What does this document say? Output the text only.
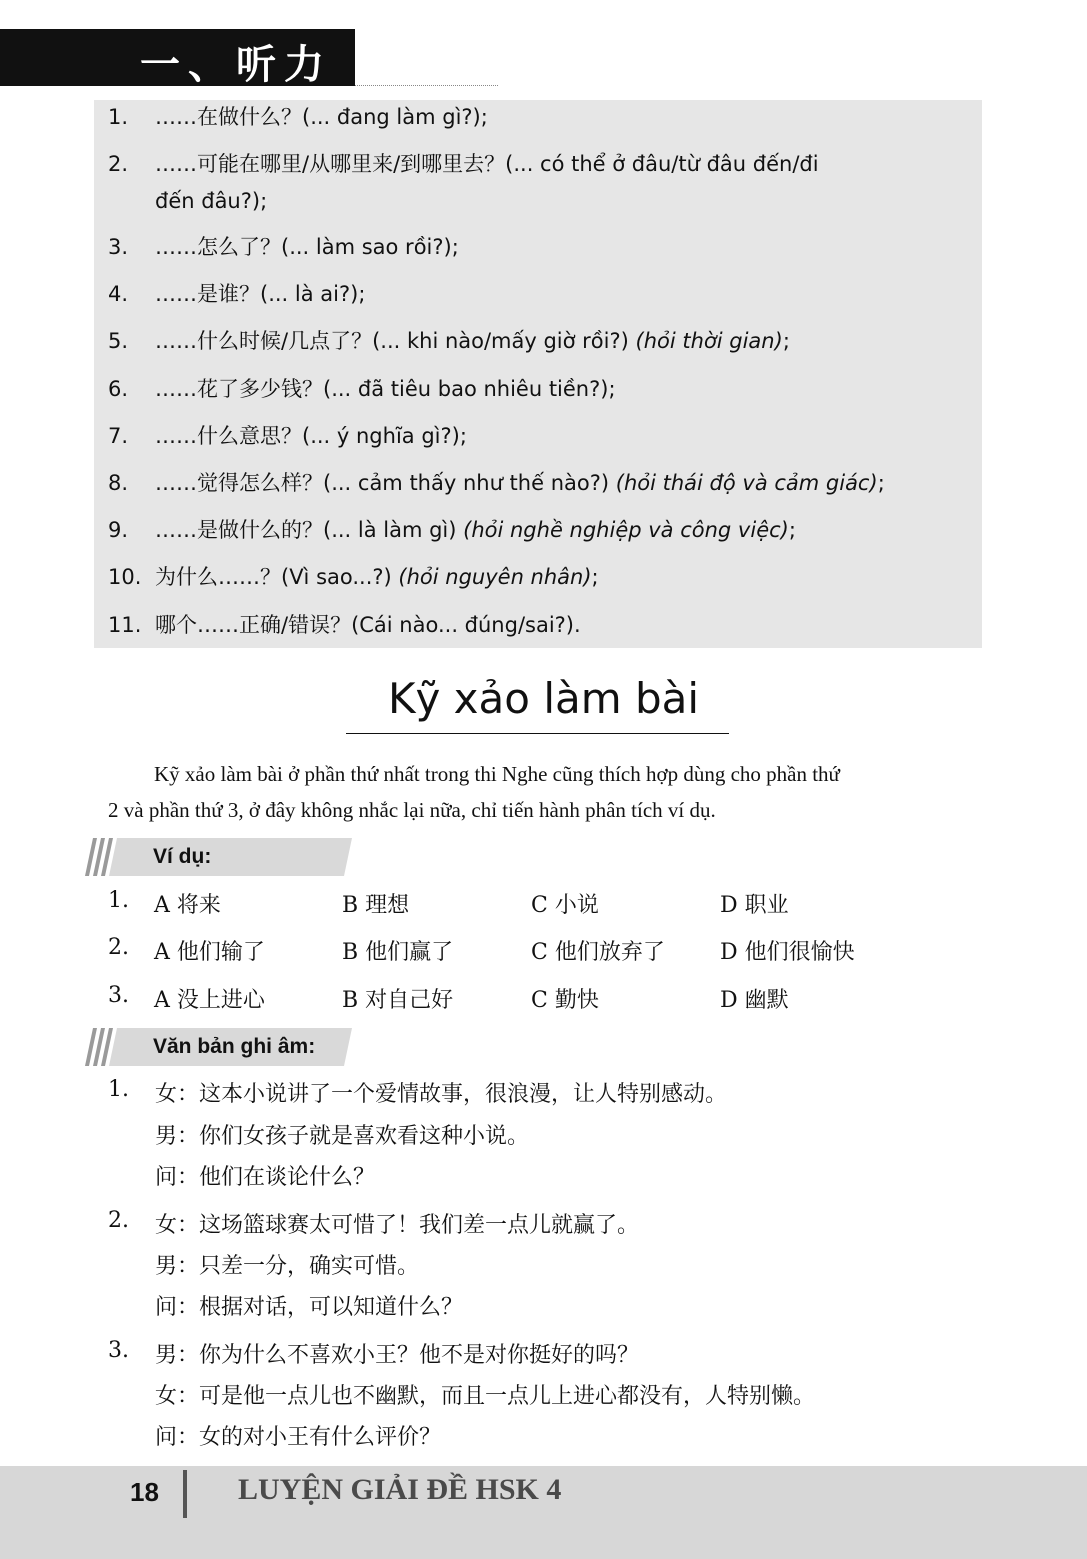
一、听力
1.	……在做什么？(... đang làm gì?);
2.	……可能在哪里/从哪里来/到哪里去？(... có thể ở đâu/từ đâu đến/đi
đến đâu?);
3.	……怎么了？(... làm sao rồi?);
4.	……是谁？(... là ai?);
5.	……什么时候/几点了？(... khi nào/mấy giờ rồi?) (hỏi thời gian);
6.	……花了多少钱？(... đã tiêu bao nhiêu tiền?);
7.	……什么意思？(... ý nghĩa gì?);
8.	……觉得怎么样？(... cảm thấy như thế nào?) (hỏi thái độ và cảm giác);
9.	……是做什么的？(... là làm gì) (hỏi nghề nghiệp và công việc);
10. 为什么……？(Vì sao...?) (hỏi nguyên nhân);
11. 哪个……正确/错误？(Cái nào... đúng/sai?).
Kỹ xảo làm bài

Kỹ xảo làm bài ở phần thứ nhất trong thi Nghe cũng thích hợp dùng cho phần thứ

2 và phần thứ 3, ở đây không nhắc lại nữa, chỉ tiến hành phân tích ví dụ.

Ví dụ:
1. A 将来	B 理想	C 小说	D 职业
2. A 他们输了	B 他们赢了	C 他们放弃了	D 他们很愉快
3. A 没上进心	B 对自己好	C 勤快	D 幽默
Văn bản ghi âm:
1. 女：这本小说讲了一个爱情故事，很浪漫，让人特别感动。
男：你们女孩子就是喜欢看这种小说。
问：他们在谈论什么？
2. 女：这场篮球赛太可惜了！我们差一点儿就赢了。
男：只差一分，确实可惜。
问：根据对话，可以知道什么？
3. 男：你为什么不喜欢小王？他不是对你挺好的吗？
女：可是他一点儿也不幽默，而且一点儿上进心都没有，人特别懒。
问：女的对小王有什么评价？
18	LUYỆN GIẢI ĐỀ HSK 4
